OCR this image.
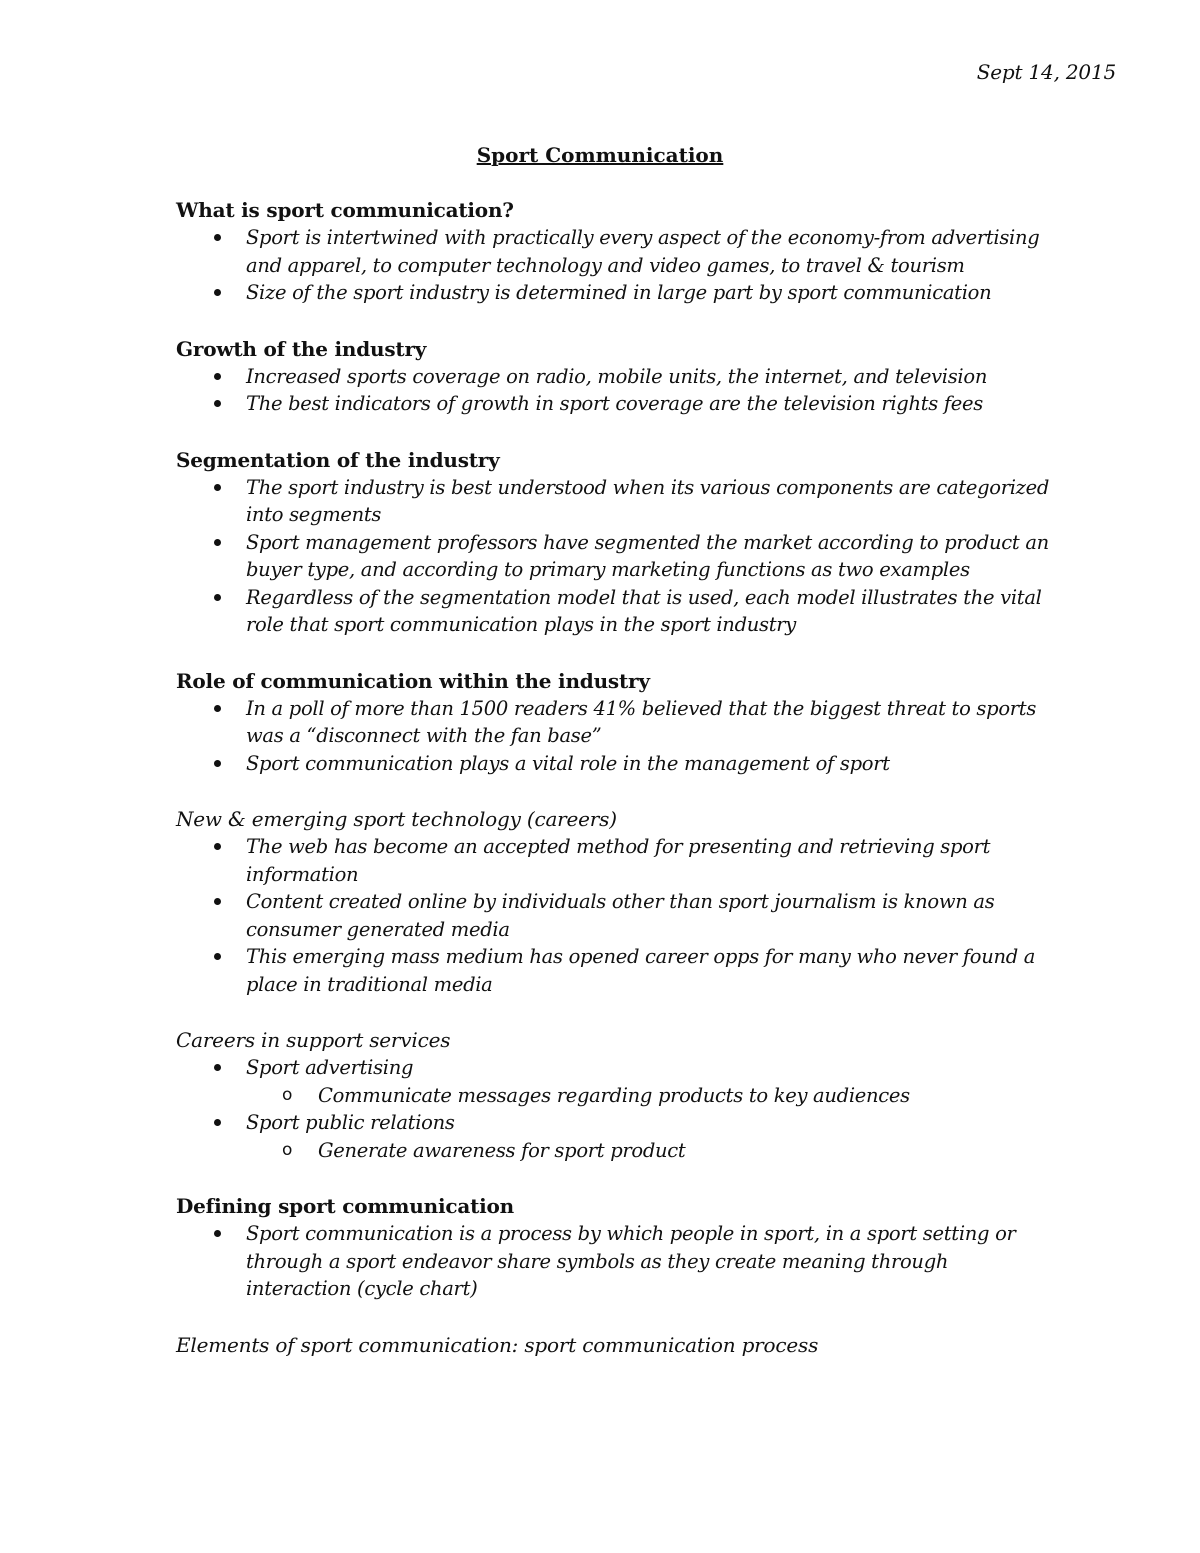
Sept 14, 2015
Sport Communication
What is sport communication?
Sport is intertwined with practically every aspect of the economy-from advertising and apparel, to computer technology and video games, to travel & tourism
Size of the sport industry is determined in large part by sport communication
Growth of the industry
Increased sports coverage on radio, mobile units, the internet, and television
The best indicators of growth in sport coverage are the television rights fees
Segmentation of the industry
The sport industry is best understood when its various components are categorized into segments
Sport management professors have segmented the market according to product an buyer type, and according to primary marketing functions as two examples
Regardless of the segmentation model that is used, each model illustrates the vital role that sport communication plays in the sport industry
Role of communication within the industry
In a poll of more than 1500 readers 41% believed that the biggest threat to sports was a “disconnect with the fan base”
Sport communication plays a vital role in the management of sport
New & emerging sport technology (careers)
The web has become an accepted method for presenting and retrieving sport information
Content created online by individuals other than sport journalism is known as consumer generated media
This emerging mass medium has opened career opps for many who never found a place in traditional media
Careers in support services
Sport advertising
o Communicate messages regarding products to key audiences
Sport public relations
o Generate awareness for sport product
Defining sport communication
Sport communication is a process by which people in sport, in a sport setting or through a sport endeavor share symbols as they create meaning through interaction (cycle chart)
Elements of sport communication: sport communication process
